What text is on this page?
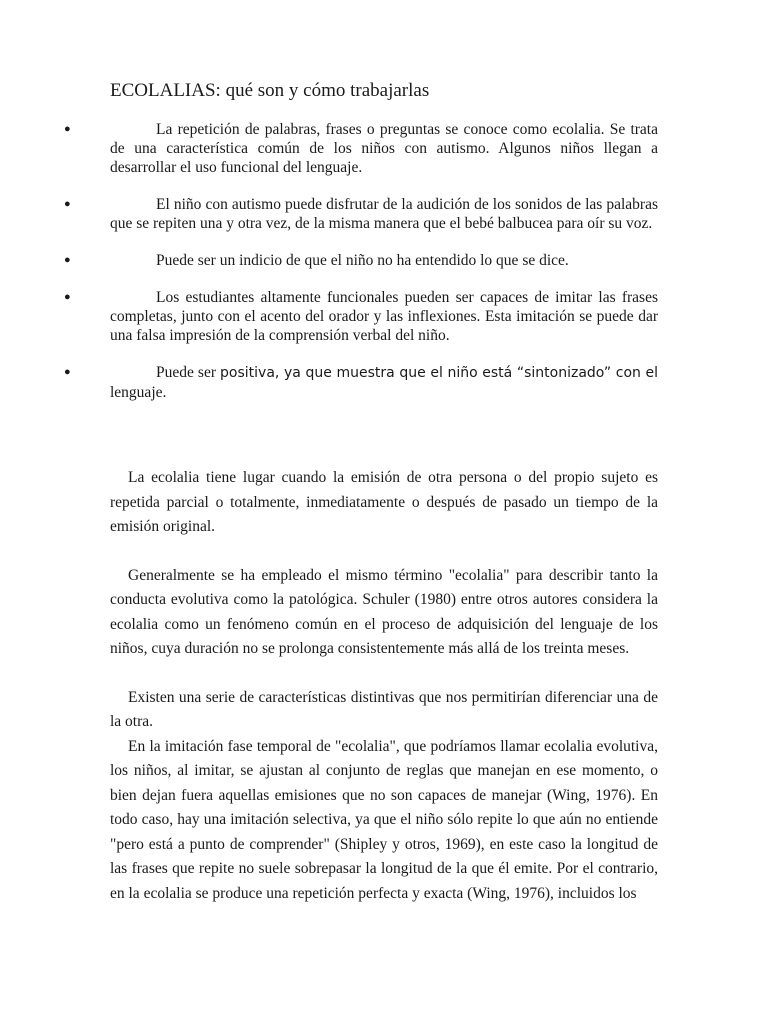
ECOLALIAS: qué son y cómo trabajarlas
●	La repetición de palabras, frases o preguntas se conoce como ecolalia. Se trata de una característica común de los niños con autismo. Algunos niños llegan a desarrollar el uso funcional del lenguaje.
●	El niño con autismo puede disfrutar de la audición de los sonidos de las palabras que se repiten una y otra vez, de la misma manera que el bebé balbucea para oír su voz.
●	Puede ser un indicio de que el niño no ha entendido lo que se dice.
●	Los estudiantes altamente funcionales pueden ser capaces de imitar las frases completas, junto con el acento del orador y las inflexiones. Esta imitación se puede dar una falsa impresión de la comprensión verbal del niño.
●	Puede ser positiva, ya que muestra que el niño está “sintonizado” con el lenguaje.

La ecolalia tiene lugar cuando la emisión de otra persona o del propio sujeto es repetida parcial o totalmente, inmediatamente o después de pasado un tiempo de la emisión original.

Generalmente se ha empleado el mismo término "ecolalia" para describir tanto la conducta evolutiva como la patológica. Schuler (1980) entre otros autores considera la ecolalia como un fenómeno común en el proceso de adquisición del lenguaje de los niños, cuya duración no se prolonga consistentemente más allá de los treinta meses.

Existen una serie de características distintivas que nos permitirían diferenciar una de la otra.

En la imitación fase temporal de "ecolalia", que podríamos llamar ecolalia evolutiva, los niños, al imitar, se ajustan al conjunto de reglas que manejan en ese momento, o bien dejan fuera aquellas emisiones que no son capaces de manejar (Wing, 1976). En todo caso, hay una imitación selectiva, ya que el niño sólo repite lo que aún no entiende "pero está a punto de comprender" (Shipley y otros, 1969), en este caso la longitud de las frases que repite no suele sobrepasar la longitud de la que él emite. Por el contrario, en la ecolalia se produce una repetición perfecta y exacta (Wing, 1976), incluidos los
